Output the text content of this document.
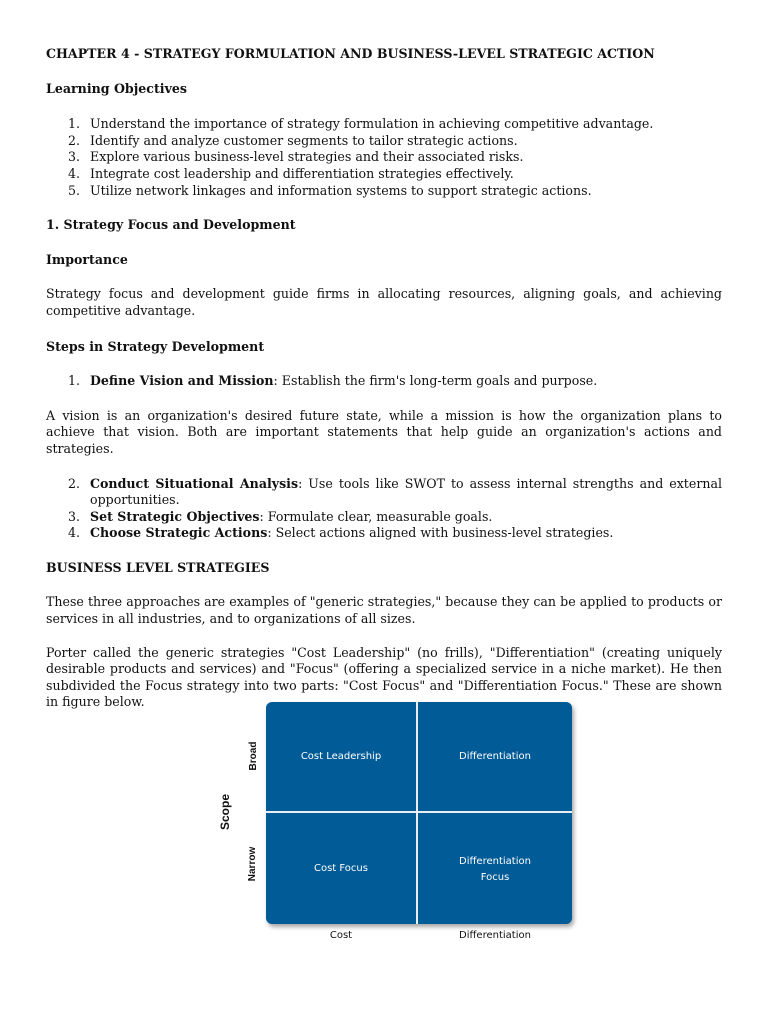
CHAPTER 4 - STRATEGY FORMULATION AND BUSINESS-LEVEL STRATEGIC ACTION

Learning Objectives

1. Understand the importance of strategy formulation in achieving competitive advantage.
2. Identify and analyze customer segments to tailor strategic actions.
3. Explore various business-level strategies and their associated risks.
4. Integrate cost leadership and differentiation strategies effectively.
5. Utilize network linkages and information systems to support strategic actions.

1. Strategy Focus and Development

Importance

Strategy focus and development guide firms in allocating resources, aligning goals, and achieving competitive advantage.

Steps in Strategy Development

1. Define Vision and Mission: Establish the firm's long-term goals and purpose.

A vision is an organization's desired future state, while a mission is how the organization plans to achieve that vision. Both are important statements that help guide an organization's actions and strategies.

2. Conduct Situational Analysis: Use tools like SWOT to assess internal strengths and external opportunities.
3. Set Strategic Objectives: Formulate clear, measurable goals.
4. Choose Strategic Actions: Select actions aligned with business-level strategies.

BUSINESS LEVEL STRATEGIES

These three approaches are examples of "generic strategies," because they can be applied to products or services in all industries, and to organizations of all sizes.

Porter called the generic strategies "Cost Leadership" (no frills), "Differentiation" (creating uniquely desirable products and services) and "Focus" (offering a specialized service in a niche market). He then subdivided the Focus strategy into two parts: "Cost Focus" and "Differentiation Focus." These are shown in figure below.

Broad
Scope
Narrow
Cost Leadership	Differentiation
Cost Focus
Differentiation Focus
Cost	Differentiation
